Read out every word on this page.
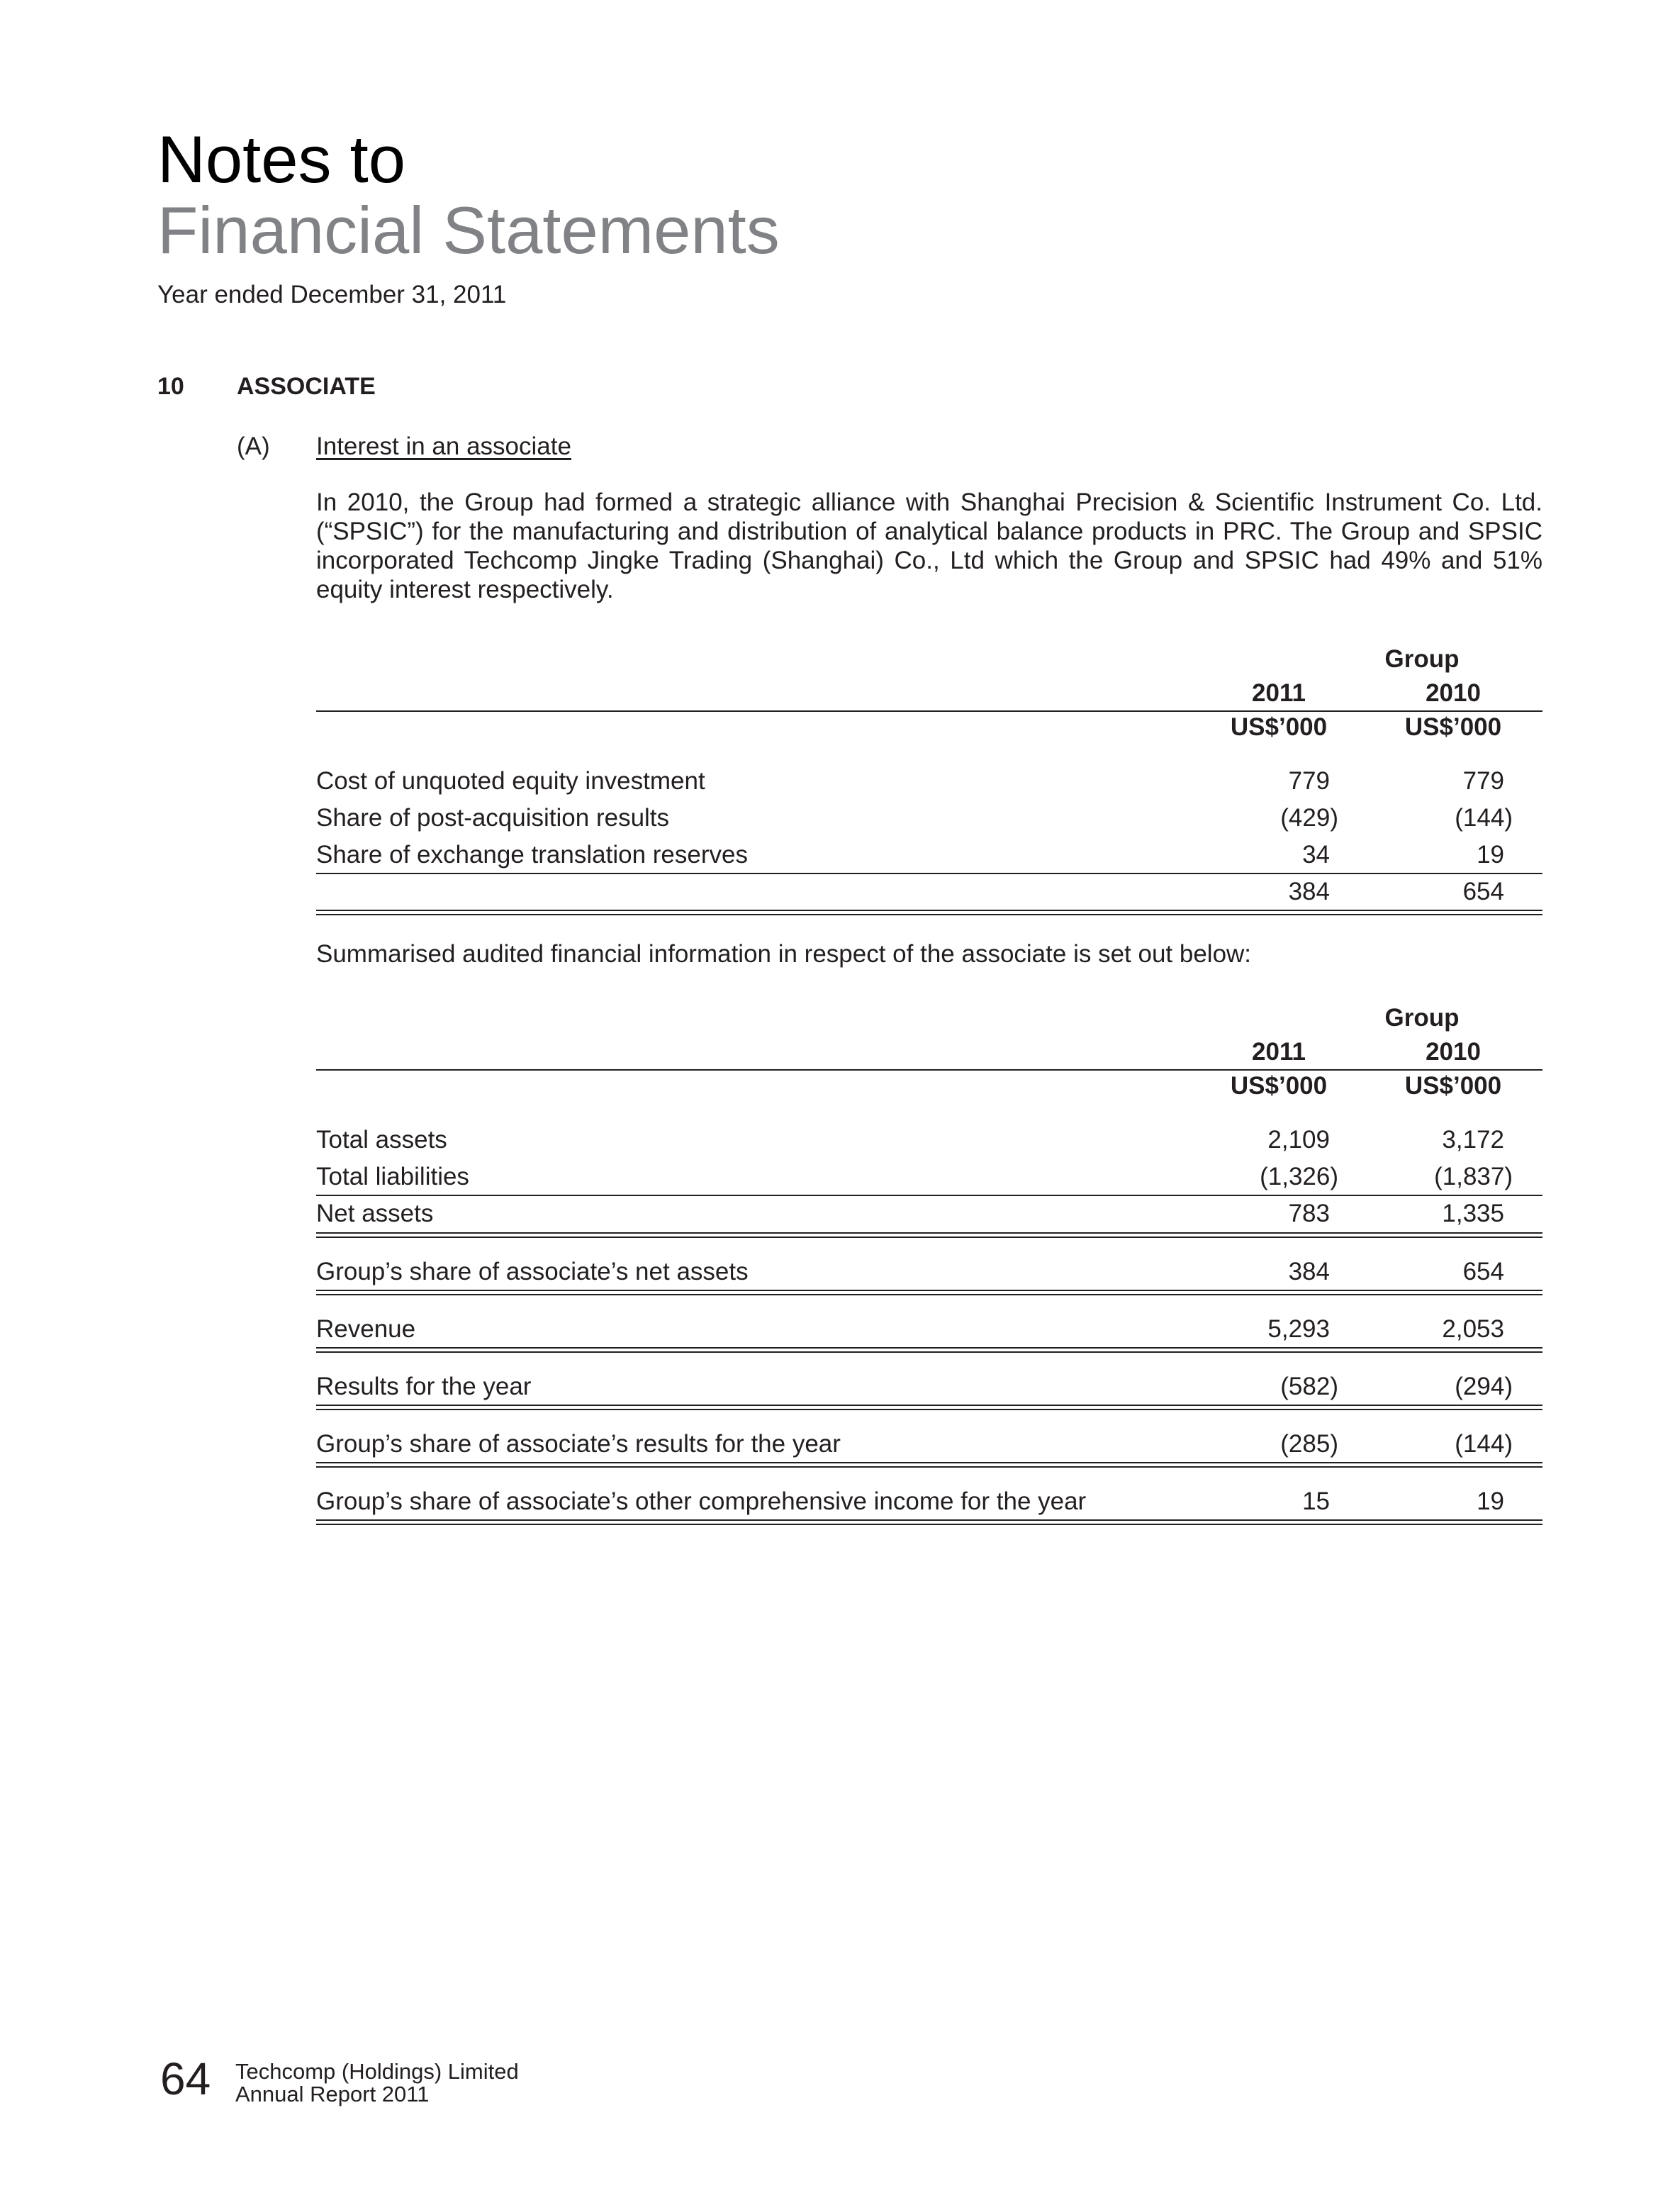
Notes to
Financial Statements
Year ended December 31, 2011
10 ASSOCIATE
(A) Interest in an associate
In 2010, the Group had formed a strategic alliance with Shanghai Precision & Scientific Instrument Co. Ltd. (“SPSIC”) for the manufacturing and distribution of analytical balance products in PRC. The Group and SPSIC incorporated Techcomp Jingke Trading (Shanghai) Co., Ltd which the Group and SPSIC had 49% and 51% equity interest respectively.
Group
2011	2010
US$’000	US$’000
Cost of unquoted equity investment	779	779
Share of post-acquisition results	(429)	(144)
Share of exchange translation reserves	34	19
384	654
Summarised audited financial information in respect of the associate is set out below:
Group
2011	2010
US$’000	US$’000
Total assets	2,109	3,172
Total liabilities	(1,326)	(1,837)
Net assets	783	1,335
Group’s share of associate’s net assets	384	654
Revenue	5,293	2,053
Results for the year	(582)	(294)
Group’s share of associate’s results for the year	(285)	(144)
Group’s share of associate’s other comprehensive income for the year	15	19
64 Techcomp (Holdings) Limited
Annual Report 2011
